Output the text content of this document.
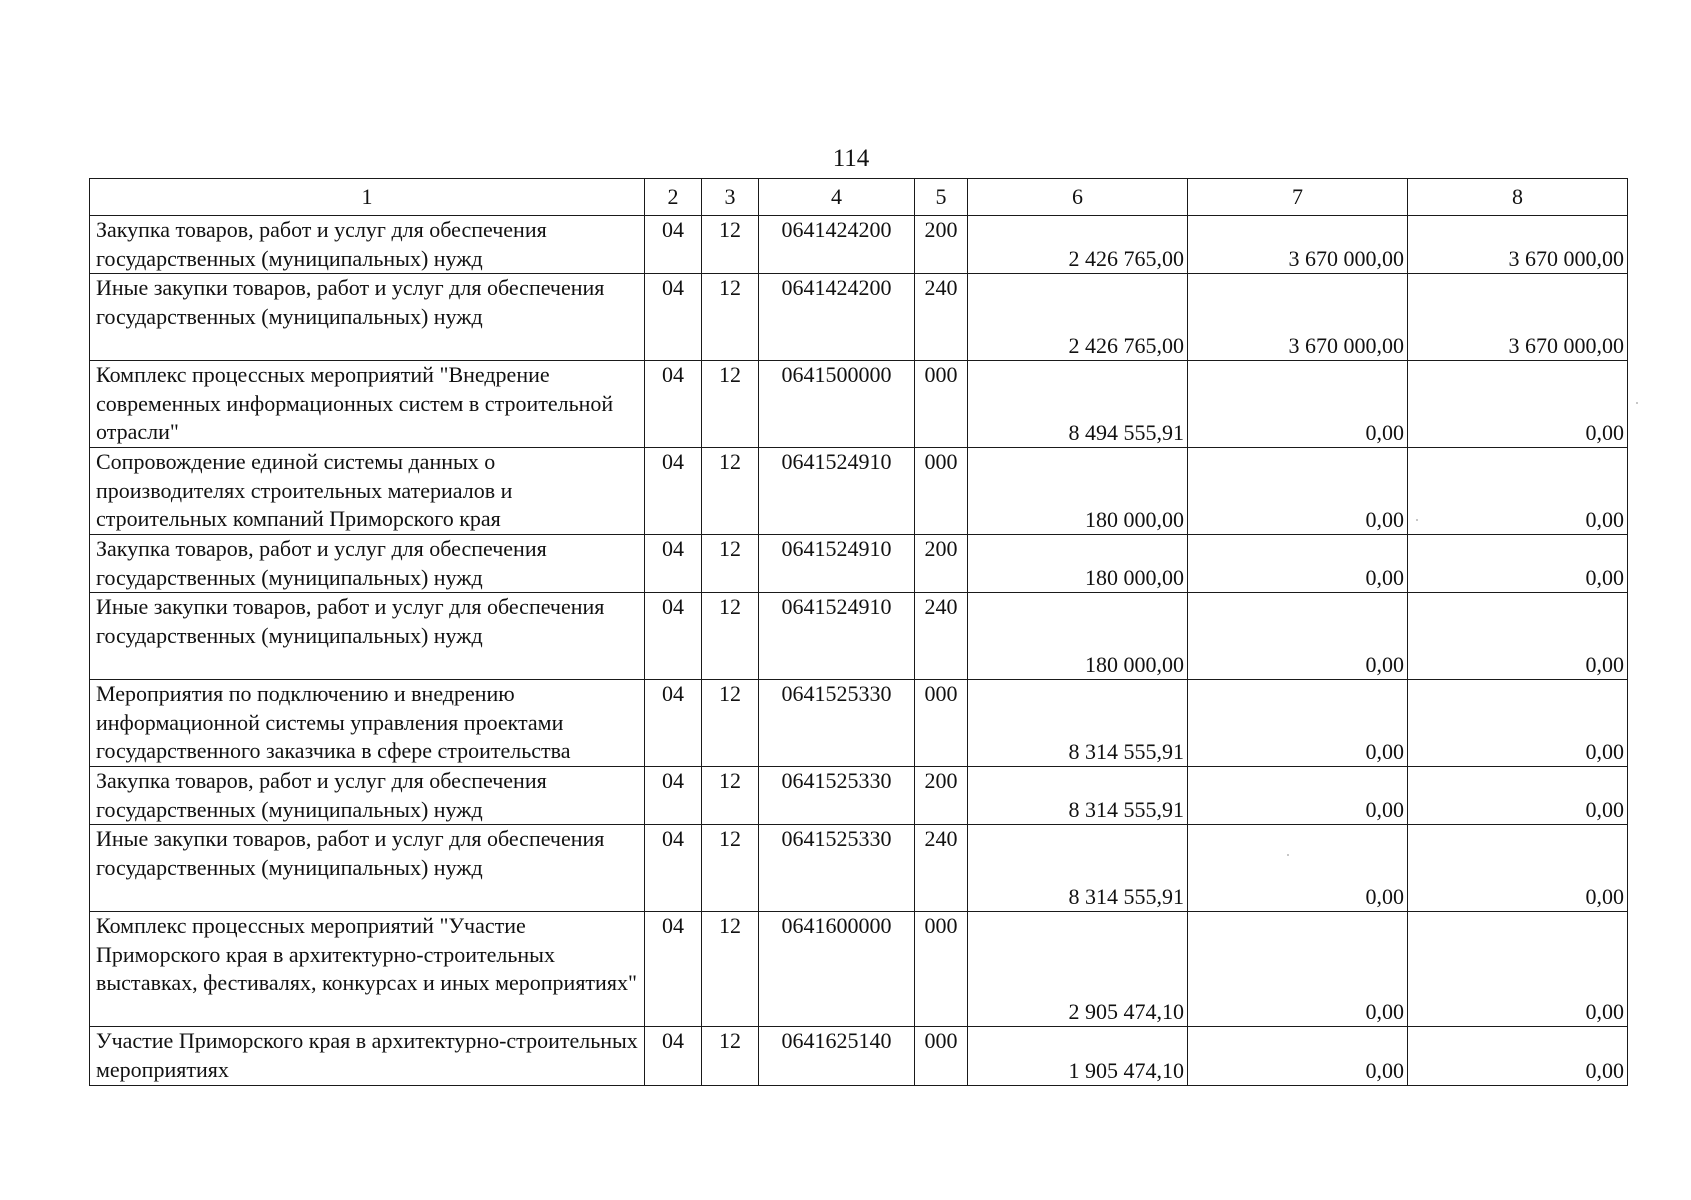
114
1	2	3	4	5	6	7	8
Закупка товаров, работ и услуг для обеспечения государственных (муниципальных) нужд	04	12	0641424200	200	2 426 765,00	3 670 000,00	3 670 000,00
Иные закупки товаров, работ и услуг для обеспечения государственных (муниципальных) нужд	04	12	0641424200	240	2 426 765,00	3 670 000,00	3 670 000,00
Комплекс процессных мероприятий "Внедрение современных информационных систем в строительной отрасли"	04	12	0641500000	000	8 494 555,91	0,00	0,00
Сопровождение единой системы данных о производителях строительных материалов и строительных компаний Приморского края	04	12	0641524910	000	180 000,00	0,00	0,00
Закупка товаров, работ и услуг для обеспечения государственных (муниципальных) нужд	04	12	0641524910	200	180 000,00	0,00	0,00
Иные закупки товаров, работ и услуг для обеспечения государственных (муниципальных) нужд	04	12	0641524910	240	180 000,00	0,00	0,00
Мероприятия по подключению и внедрению информационной системы управления проектами государственного заказчика в сфере строительства	04	12	0641525330	000	8 314 555,91	0,00	0,00
Закупка товаров, работ и услуг для обеспечения государственных (муниципальных) нужд	04	12	0641525330	200	8 314 555,91	0,00	0,00
Иные закупки товаров, работ и услуг для обеспечения государственных (муниципальных) нужд	04	12	0641525330	240	8 314 555,91	0,00	0,00
Комплекс процессных мероприятий "Участие Приморского края в архитектурно-строительных выставках, фестивалях, конкурсах и иных мероприятиях"	04	12	0641600000	000	2 905 474,10	0,00	0,00
Участие Приморского края в архитектурно-строительных мероприятиях	04	12	0641625140	000	1 905 474,10	0,00	0,00
